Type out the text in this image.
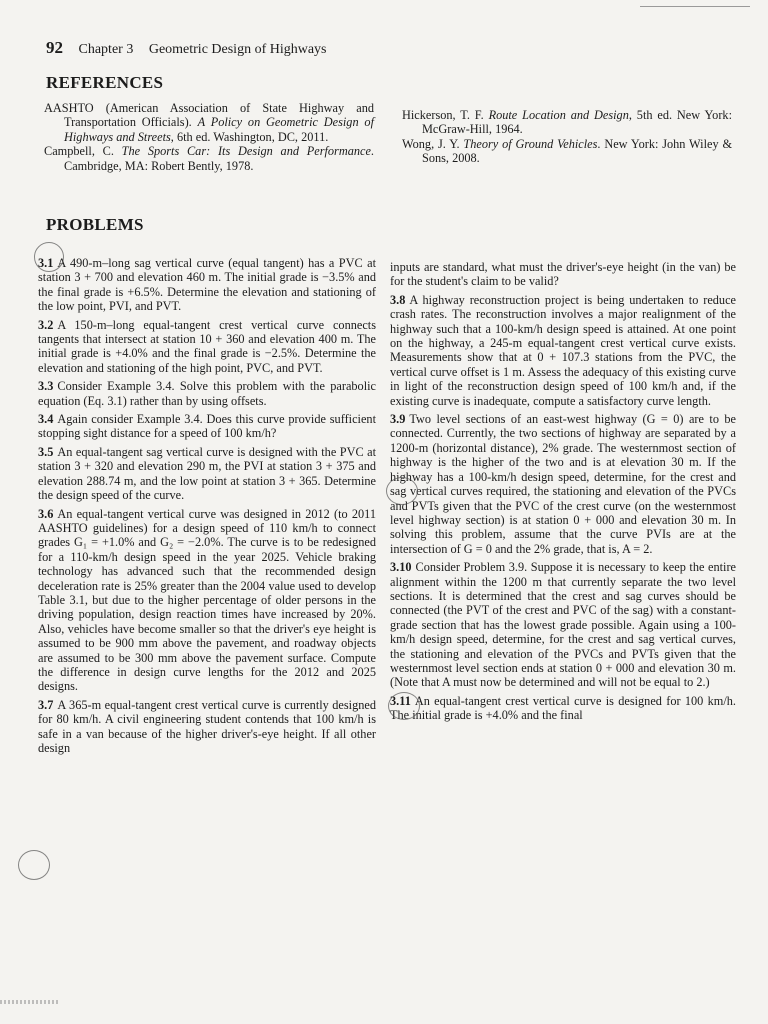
92 Chapter 3 Geometric Design of Highways
REFERENCES
AASHTO (American Association of State Highway and Transportation Officials). A Policy on Geometric Design of Highways and Streets, 6th ed. Washington, DC, 2011.
Campbell, C. The Sports Car: Its Design and Performance. Cambridge, MA: Robert Bently, 1978.
Hickerson, T. F. Route Location and Design, 5th ed. New York: McGraw-Hill, 1964.
Wong, J. Y. Theory of Ground Vehicles. New York: John Wiley & Sons, 2008.
PROBLEMS

3.1 A 490-m–long sag vertical curve (equal tangent) has a PVC at station 3 + 700 and elevation 460 m. The initial grade is −3.5% and the final grade is +6.5%. Determine the elevation and stationing of the low point, PVI, and PVT.

3.2 A 150-m–long equal-tangent crest vertical curve connects tangents that intersect at station 10 + 360 and elevation 400 m. The initial grade is +4.0% and the final grade is −2.5%. Determine the elevation and stationing of the high point, PVC, and PVT.

3.3 Consider Example 3.4. Solve this problem with the parabolic equation (Eq. 3.1) rather than by using offsets.

3.4 Again consider Example 3.4. Does this curve provide sufficient stopping sight distance for a speed of 100 km/h?

3.5 An equal-tangent sag vertical curve is designed with the PVC at station 3 + 320 and elevation 290 m, the PVI at station 3 + 375 and elevation 288.74 m, and the low point at station 3 + 365. Determine the design speed of the curve.

3.6 An equal-tangent vertical curve was designed in 2012 (to 2011 AASHTO guidelines) for a design speed of 110 km/h to connect grades G₁ = +1.0% and G₂ = −2.0%. The curve is to be redesigned for a 110-km/h design speed in the year 2025. Vehicle braking technology has advanced such that the recommended design deceleration rate is 25% greater than the 2004 value used to develop Table 3.1, but due to the higher percentage of older persons in the driving population, design reaction times have increased by 20%. Also, vehicles have become smaller so that the driver's eye height is assumed to be 900 mm above the pavement, and roadway objects are assumed to be 300 mm above the pavement surface. Compute the difference in design curve lengths for the 2012 and 2025 designs.

3.7 A 365-m equal-tangent crest vertical curve is currently designed for 80 km/h. A civil engineering student contends that 100 km/h is safe in a van because of the higher driver's-eye height. If all other design

inputs are standard, what must the driver's-eye height (in the van) be for the student's claim to be valid?

3.8 A highway reconstruction project is being undertaken to reduce crash rates. The reconstruction involves a major realignment of the highway such that a 100-km/h design speed is attained. At one point on the highway, a 245-m equal-tangent crest vertical curve exists. Measurements show that at 0 + 107.3 stations from the PVC, the vertical curve offset is 1 m. Assess the adequacy of this existing curve in light of the reconstruction design speed of 100 km/h and, if the existing curve is inadequate, compute a satisfactory curve length.

3.9 Two level sections of an east-west highway (G = 0) are to be connected. Currently, the two sections of highway are separated by a 1200-m (horizontal distance), 2% grade. The westernmost section of highway is the higher of the two and is at elevation 30 m. If the highway has a 100-km/h design speed, determine, for the crest and sag vertical curves required, the stationing and elevation of the PVCs and PVTs given that the PVC of the crest curve (on the westernmost level highway section) is at station 0 + 000 and elevation 30 m. In solving this problem, assume that the curve PVIs are at the intersection of G = 0 and the 2% grade, that is, A = 2.

3.10 Consider Problem 3.9. Suppose it is necessary to keep the entire alignment within the 1200 m that currently separate the two level sections. It is determined that the crest and sag curves should be connected (the PVT of the crest and PVC of the sag) with a constant-grade section that has the lowest grade possible. Again using a 100-km/h design speed, determine, for the crest and sag vertical curves, the stationing and elevation of the PVCs and PVTs given that the westernmost level section ends at station 0 + 000 and elevation 30 m. (Note that A must now be determined and will not be equal to 2.)

3.11 An equal-tangent crest vertical curve is designed for 100 km/h. The initial grade is +4.0% and the final
